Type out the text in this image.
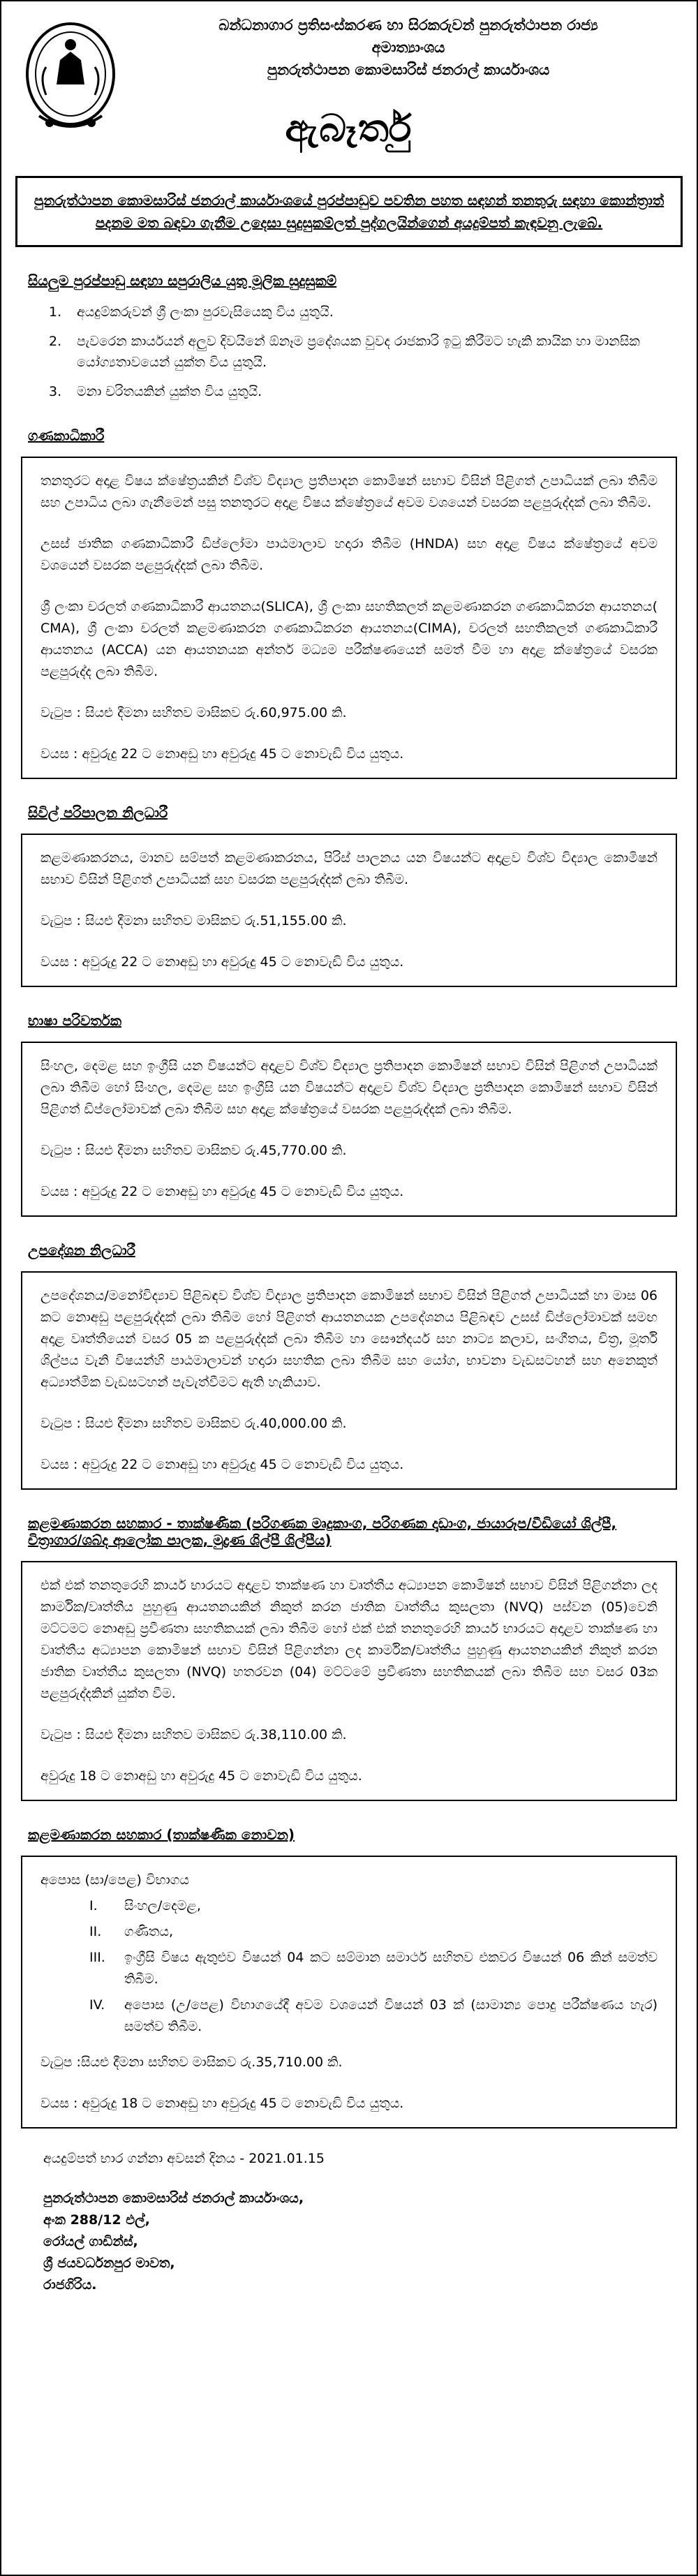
බන්ධනාගාර ප්‍රතිසංස්කරණ හා සිරකරුවන් පුනරුත්ථාපන රාජ්‍ය
අමාත්‍යාංශය
පුනරුත්ථාපන කොමසාරිස් ජනරාල් කාර්යාංශය
ඇබෑර්තු
පුනරුත්ථාපන කොමසාරිස් ජනරාල් කාර්යාංශයේ පුරප්පාඩුව පවතින පහත සඳහන් තනතුරු සඳහා කොන්ත්‍රාත් පදනම මත බඳවා ගැනීම උදෙසා සුදුසුකම්ලත් පුද්ගලයින්ගෙන් අයදුම්පත් කැඳවනු ලැබේ.
සියලුම පුරප්පාඩු සඳහා සපුරාලිය යුතු මූලික සුදුසුකම්
1.	අයදුම්කරුවන් ශ්‍රී ලංකා පුරවැසියෙකු විය යුතුයි.
2.	පැවරෙන කාර්යයන් අලුව දිවයිනේ ඕනෑම ප්‍රදේශයක වුවද රාජකාරි ඉටු කිරීමට හැකි කායික හා මානසික යෝග්‍යතාවයෙන් යුක්ත විය යුතුයි.
3.	මනා චරිතයකින් යුක්ත විය යුතුයි.
ගණකාධිකාරී

තනතුරට අදාළ විෂය ක්ෂේත්‍රයකින් විශ්ව විද්‍යාල ප්‍රතිපාදන කොමිෂන් සභාව විසින් පිළිගත් උපාධියක් ලබා තිබීම සහ උපාධිය ලබා ගැනීමෙන් පසු තනතුරට අදාළ විෂය ක්ෂේත්‍රයේ අවම වශයෙන් වසරක පළපුරුද්දක් ලබා තිබීම.

උසස් ජාතික ගණකාධිකාරී ඩිප්ලෝමා පාඨමාලාව හදාරා තිබීම (HNDA) සහ අදාළ විෂය ක්ෂේත්‍රයේ අවම වශයෙන් වසරක පළපුරුද්දක් ලබා තිබීම.

ශ්‍රී ලංකා චරලත් ගණකාධිකාරී ආයතනය(SLICA), ශ්‍රී ලංකා සහතිකලත් කළමණාකරන ගණකාධිකරන ආයතනය( CMA), ශ්‍රී ලංකා චරලත් කළමණාකරන ගණකාධිකරන ආයතනය(CIMA), චරලත් සහතිකලත් ගණකාධිකාරී ආයතනය (ACCA) යන ආයතනයක අන්තර් මධ්‍යම පරීක්ෂණයෙන් සමත් වීම හා අදාළ ක්ෂේත්‍රයේ වසරක පළපුරුද්ද ලබා තිබීම.

වැටුප : සියළු දීමනා සහිතව මාසිකව රු.60,975.00 කි.

වයස : අවුරුදු 22 ට නොඅඩු හා අවුරුදු 45 ට නොවැඩි විය යුතුය.

සිවිල් පරිපාලන නිලධාරී

කළමණාකරනය, මානව සම්පත් කළමණාකරනය, පිරිස් පාලනය යන විෂයන්ට අදාළව විශ්ව විද්‍යාල කොමිෂන් සභාව විසින් පිළිගත් උපාධියක් සහ වසරක පළපුරුද්දක් ලබා තිබීම.

වැටුප : සියළු දීමනා සහිතව මාසිකව රු.51,155.00 කි.

වයස : අවුරුදු 22 ට නොඅඩු හා අවුරුදු 45 ට නොවැඩි විය යුතුය.

භාෂා පරිවර්තක

සිංහල, දෙමළ සහ ඉංග්‍රීසි යන විෂයන්ට අදාළව විශ්ව විද්‍යාල ප්‍රතිපාදන කොමිෂන් සභාව විසින් පිළිගත් උපාධියක් ලබා තිබීම හෝ සිංහල, දෙමළ සහ ඉංග්‍රීසි යන විෂයන්ට අදාළව විශ්ව විද්‍යාල ප්‍රතිපාදන කොමිෂන් සභාව විසින් පිළිගත් ඩිප්ලෝමාවක් ලබා තිබීම සහ අදාළ ක්ෂේත්‍රයේ වසරක පළපුරුද්දක් ලබා තිබීම.

වැටුප : සියළු දීමනා සහිතව මාසිකව රු.45,770.00 කි.

වයස : අවුරුදු 22 ට නොඅඩු හා අවුරුදු 45 ට නොවැඩි විය යුතුය.

උපදේශන නිලධාරී

උපදේශනය/මනෝවිද්‍යාව පිළිබඳව විශ්ව විද්‍යාල ප්‍රතිපාදන කොමිෂන් සභාව විසින් පිළිගත් උපාධියක් හා මාස 06 කට නොඅඩු පළපුරුද්දක් ලබා තිබීම හෝ පිළිගත් ආයතනයක උපදේශනය පිළිබඳව උසස් ඩිප්ලෝමාවක් සමඟ අදාළ වෘත්තීයෙන් වසර 05 ක පළපුරුද්දක් ලබා තිබීම හා සෞන්දර්ය සහ නාට්‍ය කලාව, සංගීතය, චිත්‍ර, මූර්ති ශිල්පය වැනි විෂයන්හි පාඨමාලාවන් හදාරා සහතික ලබා තිබීම සහ යෝග, භාවනා වැඩසටහන් සහ අනෙකුත් අධ්‍යාත්මික වැඩසටහන් පැවැත්වීමට ඇති හැකියාව.

වැටුප : සියළු දීමනා සහිතව මාසිකව රු.40,000.00 කි.

වයස : අවුරුදු 22 ට නොඅඩු හා අවුරුදු 45 ට නොවැඩි විය යුතුය.

කළමණාකරන සහකාර - තාක්ෂණික (පරිගණක මෘදුකාංග, පරිගණක දෘඩාංග, ජායාරූප/වීඩියෝ ශිල්පී, චිත්‍රාගාර/ශබ්ද ආලෝක පාලක, මුද්‍රණ ශිල්පී ශිල්පීය)

එක් එක් තනතුරෙහි කාර්ය භාරයට අදාළව තාක්ෂණ හා වෘත්තීය අධ්‍යාපන කොමිෂන් සභාව විසින් පිළිගන්නා ලද කාර්මික/වෘත්තීය පුහුණු ආයතනයකින් නිකුත් කරන ජාතික වෘත්තීය කුසලතා (NVQ) පස්වන (05)වෙනි මට්ටමට නොඅඩු ප්‍රවීණතා සහතිකයක් ලබා තිබීම හෝ එක් එක් තනතුරෙහි කාර්ය භාරයට අදාළව තාක්ෂණ හා වෘත්තීය අධ්‍යාපන කොමිෂන් සභාව විසින් පිළිගන්නා ලද කාර්මික/වෘත්තීය පුහුණු ආයතනයකින් නිකුත් කරන ජාතික වෘත්තීය කුසලතා (NVQ) හතරවන (04) මට්ටමේ ප්‍රවීණතා සහතිකයක් ලබා තිබීම සහ වසර 03ක පළපුරුද්දකින් යුක්ත වීම.

වැටුප : සියළු දීමනා සහිතව මාසිකව රු.38,110.00 කි.

අවුරුදු 18 ට නොඅඩු හා අවුරුදු 45 ට නොවැඩි විය යුතුය.

කළමණාකරන සහකාර (තාක්ෂණික නොවන)
අපොස (සා/පෙළ) විභාගය
I.	සිංහල/දෙමළ,
II.	ගණිතය,
III.	ඉංග්‍රීසි විෂය ඇතුළුව විෂයන් 04 කට සම්මාන සමාර්ථ සහිතව එකවර විෂයන් 06 කින් සමත්ව තිබීම.
IV.	අපොස (උ/පෙළ) විභාගයේදී අවම වශයෙන් විෂයන් 03 ක් (සාමාන්‍ය පොදු පරීක්ෂණය හැර) සමත්ව තිබීම.

වැටුප :සියළු දීමනා සහිතව මාසිකව රු.35,710.00 කි.

වයස : අවුරුදු 18 ට නොඅඩු හා අවුරුදු 45 ට නොවැඩි විය යුතුය.

අයදුම්පත් භාර ගන්නා අවසන් දිනය - 2021.01.15
පුනරුත්ථාපන කොමසාරිස් ජනරාල් කාර්යාංශය,
අංක 288/12 එල්,
රෝයල් ගාඩින්ස්,
ශ්‍රී ජයවර්ධනපුර මාවත,
රාජගිරිය.
